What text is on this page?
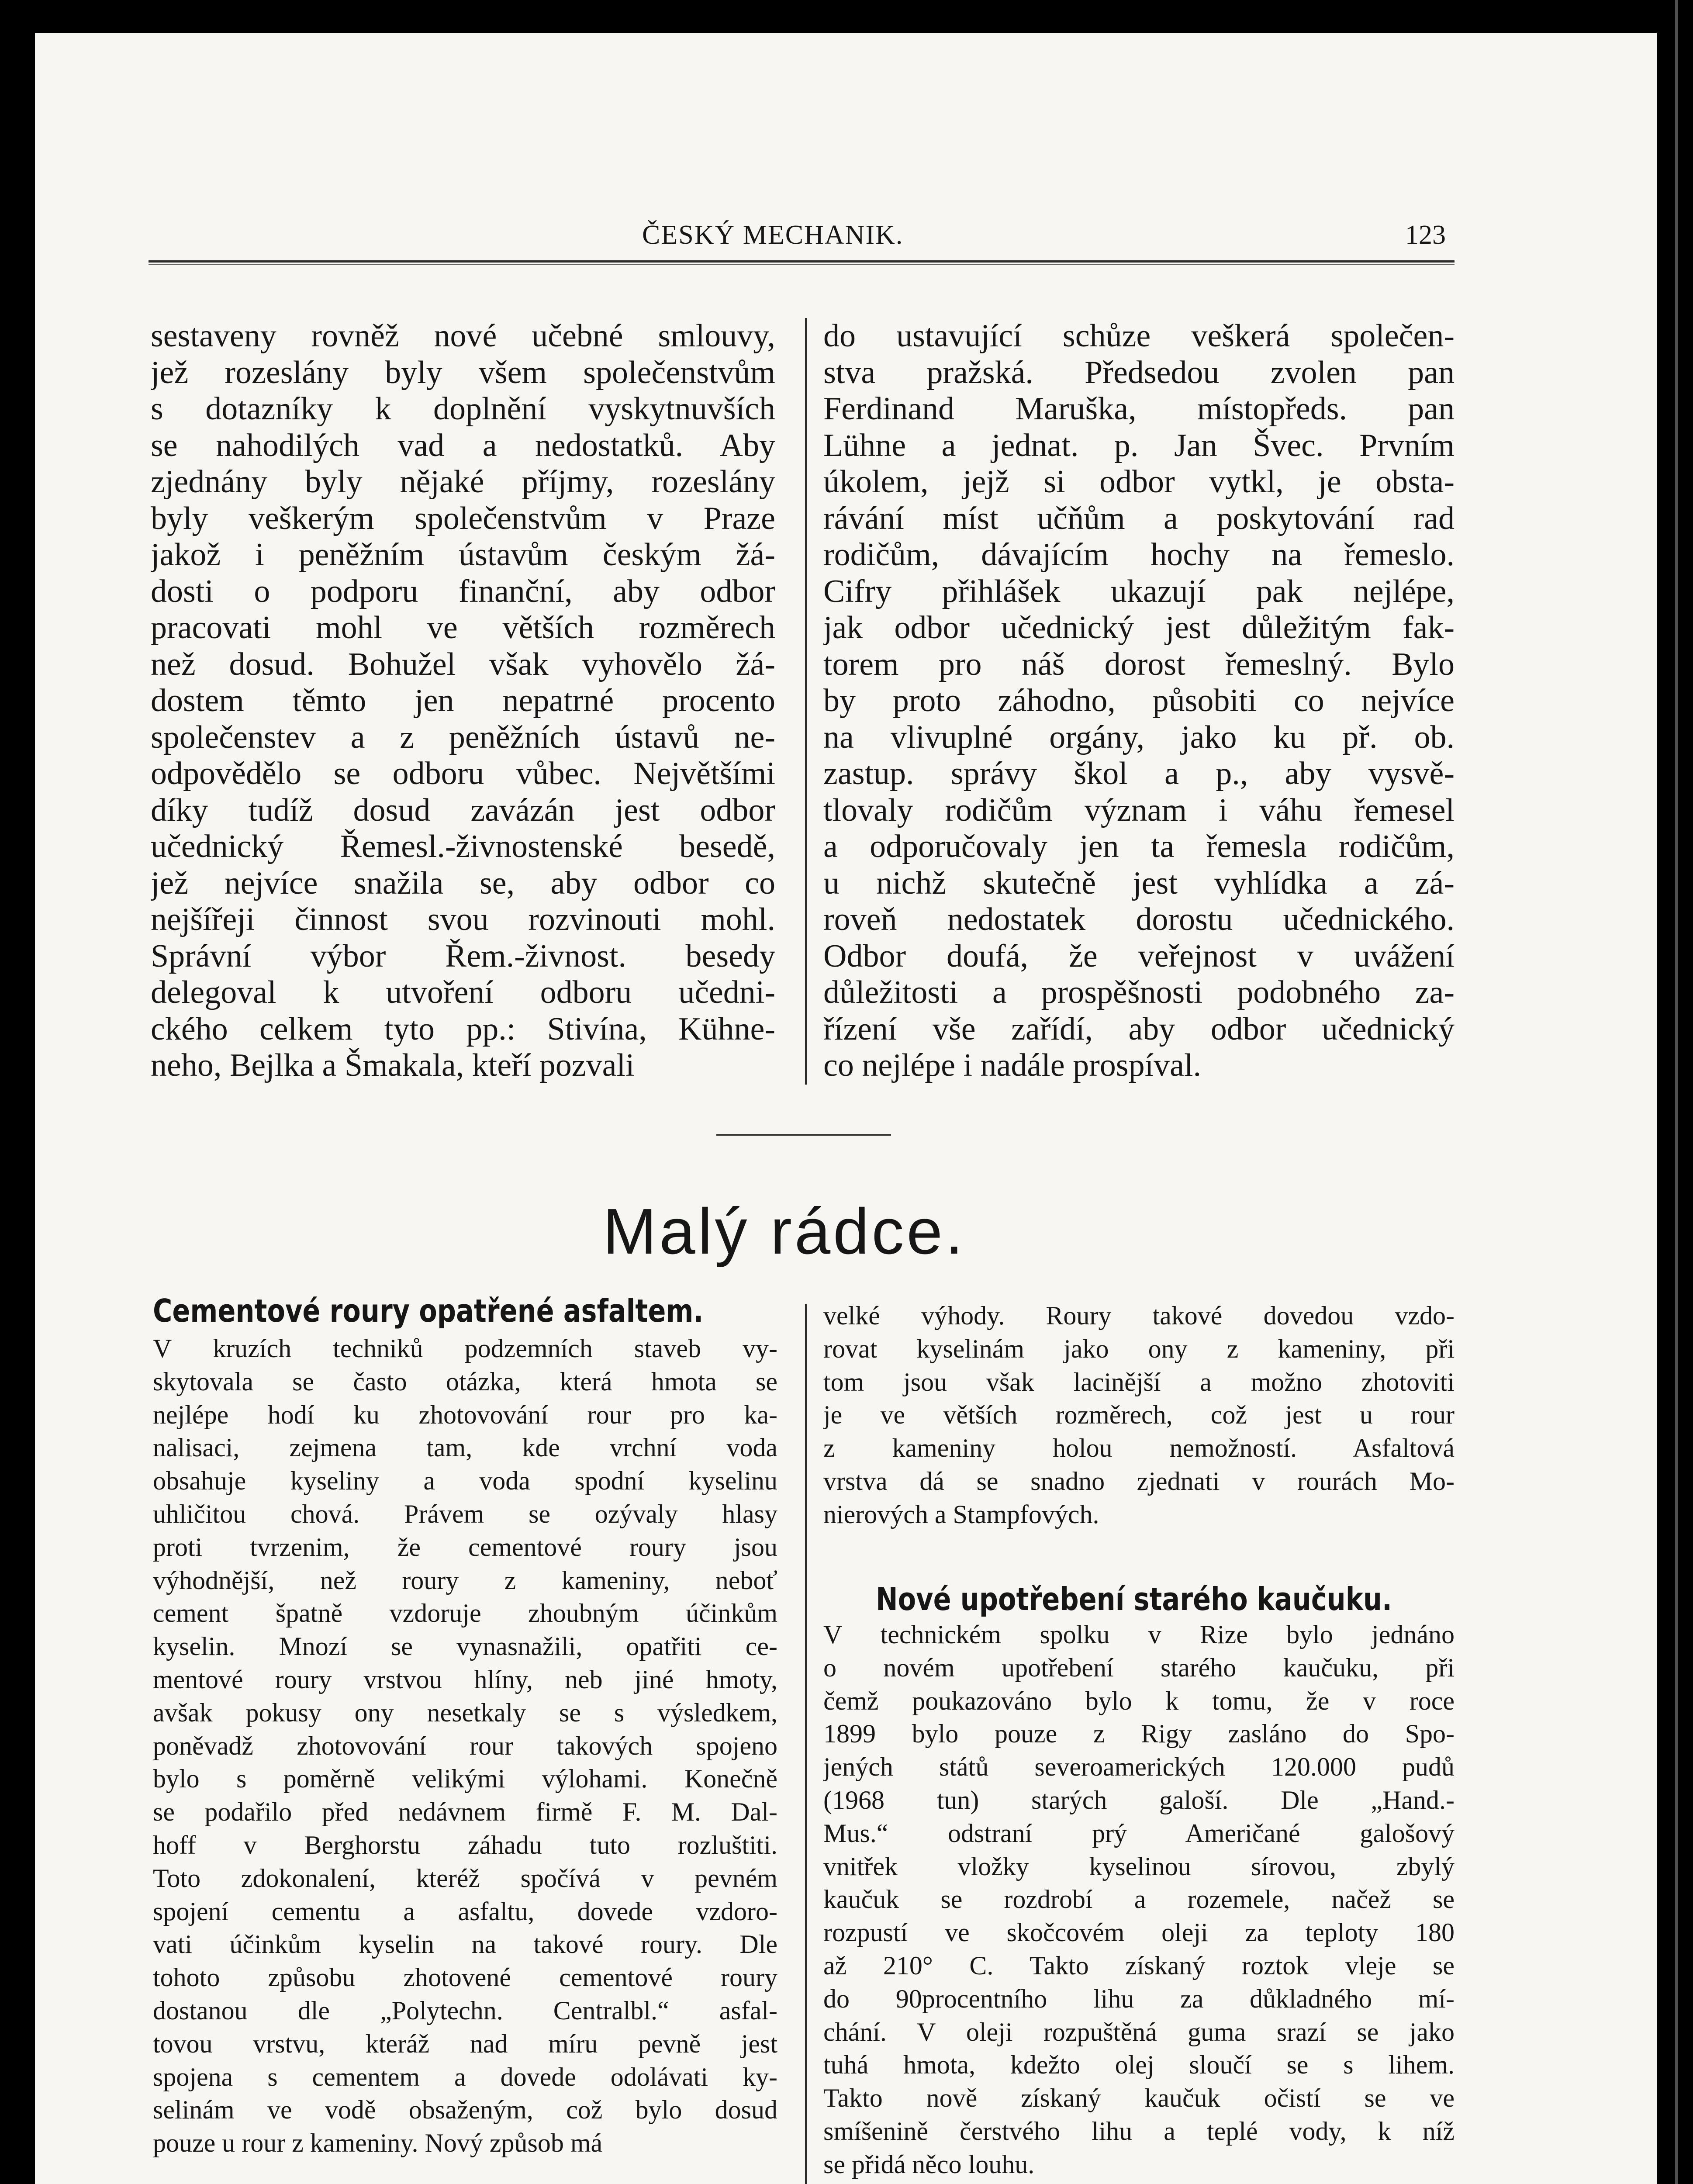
ČESKÝ MECHANIK.	123
sestaveny rovněž nové učebné smlouvy,
jež rozeslány byly všem společenstvům
s dotazníky k doplnění vyskytnuvších
se nahodilých vad a nedostatků. Aby
zjednány byly nějaké příjmy, rozeslány
byly veškerým společenstvům v Praze
jakož i peněžním ústavům českým žá-
dosti o podporu finanční, aby odbor
pracovati mohl ve větších rozměrech
než dosud. Bohužel však vyhovělo žá-
dostem těmto jen nepatrné procento
společenstev a z peněžních ústavů ne-
odpovědělo se odboru vůbec. Největšími
díky tudíž dosud zavázán jest odbor
učednický Řemesl.-živnostenské besedě,
jež nejvíce snažila se, aby odbor co
nejšířeji činnost svou rozvinouti mohl.
Správní výbor Řem.-živnost. besedy
delegoval k utvoření odboru učedni-
ckého celkem tyto pp.: Stivína, Kühne-
neho, Bejlka a Šmakala, kteří pozvali
do ustavující schůze veškerá společen-
stva pražská. Předsedou zvolen pan
Ferdinand Maruška, místopředs. pan
Lühne a jednat. p. Jan Švec. Prvním
úkolem, jejž si odbor vytkl, je obsta-
rávání míst učňům a poskytování rad
rodičům, dávajícím hochy na řemeslo.
Cifry přihlášek ukazují pak nejlépe,
jak odbor učednický jest důležitým fak-
torem pro náš dorost řemeslný. Bylo
by proto záhodno, působiti co nejvíce
na vlivuplné orgány, jako ku př. ob.
zastup. správy škol a p., aby vysvě-
tlovaly rodičům význam i váhu řemesel
a odporučovaly jen ta řemesla rodičům,
u nichž skutečně jest vyhlídka a zá-
roveň nedostatek dorostu učednického.
Odbor doufá, že veřejnost v uvážení
důležitosti a prospěšnosti podobného za-
řízení vše zařídí, aby odbor učednický
co nejlépe i nadále prospíval.
Malý rádce.
Cementové roury opatřené asfaltem.
V kruzích techniků podzemních staveb vy-
skytovala se často otázka, která hmota se
nejlépe hodí ku zhotovování rour pro ka-
nalisaci, zejmena tam, kde vrchní voda
obsahuje kyseliny a voda spodní kyselinu
uhličitou chová. Právem se ozývaly hlasy
proti tvrzenim, že cementové roury jsou
výhodnější, než roury z kameniny, neboť
cement špatně vzdoruje zhoubným účinkům
kyselin. Mnozí se vynasnažili, opatřiti ce-
mentové roury vrstvou hlíny, neb jiné hmoty,
avšak pokusy ony nesetkaly se s výsledkem,
poněvadž zhotovování rour takových spojeno
bylo s poměrně velikými výlohami. Konečně
se podařilo před nedávnem firmě F. M. Dal-
hoff v Berghorstu záhadu tuto rozluštiti.
Toto zdokonalení, kteréž spočívá v pevném
spojení cementu a asfaltu, dovede vzdoro-
vati účinkům kyselin na takové roury. Dle
tohoto způsobu zhotovené cementové roury
dostanou dle „Polytechn. Centralbl.“ asfal-
tovou vrstvu, kteráž nad míru pevně jest
spojena s cementem a dovede odolávati ky-
selinám ve vodě obsaženým, což bylo dosud
pouze u rour z kameniny. Nový způsob má
velké výhody. Roury takové dovedou vzdo-
rovat kyselinám jako ony z kameniny, při
tom jsou však lacinější a možno zhotoviti
je ve větších rozměrech, což jest u rour
z kameniny holou nemožností. Asfaltová
vrstva dá se snadno zjednati v rourách Mo-
nierových a Stampfových.
Nové upotřebení starého kaučuku.
V technickém spolku v Rize bylo jednáno
o novém upotřebení starého kaučuku, při
čemž poukazováno bylo k tomu, že v roce
1899 bylo pouze z Rigy zasláno do Spo-
jených států severoamerických 120.000 pudů
(1968 tun) starých galoší. Dle „Hand.-
Mus.“ odstraní prý Američané galošový
vnitřek vložky kyselinou sírovou, zbylý
kaučuk se rozdrobí a rozemele, načež se
rozpustí ve skočcovém oleji za teploty 180
až 210° C. Takto získaný roztok vleje se
do 90procentního lihu za důkladného mí-
chání. V oleji rozpuštěná guma srazí se jako
tuhá hmota, kdežto olej sloučí se s lihem.
Takto nově získaný kaučuk očistí se ve
smíšenině čerstvého lihu a teplé vody, k níž
se přidá něco louhu.
